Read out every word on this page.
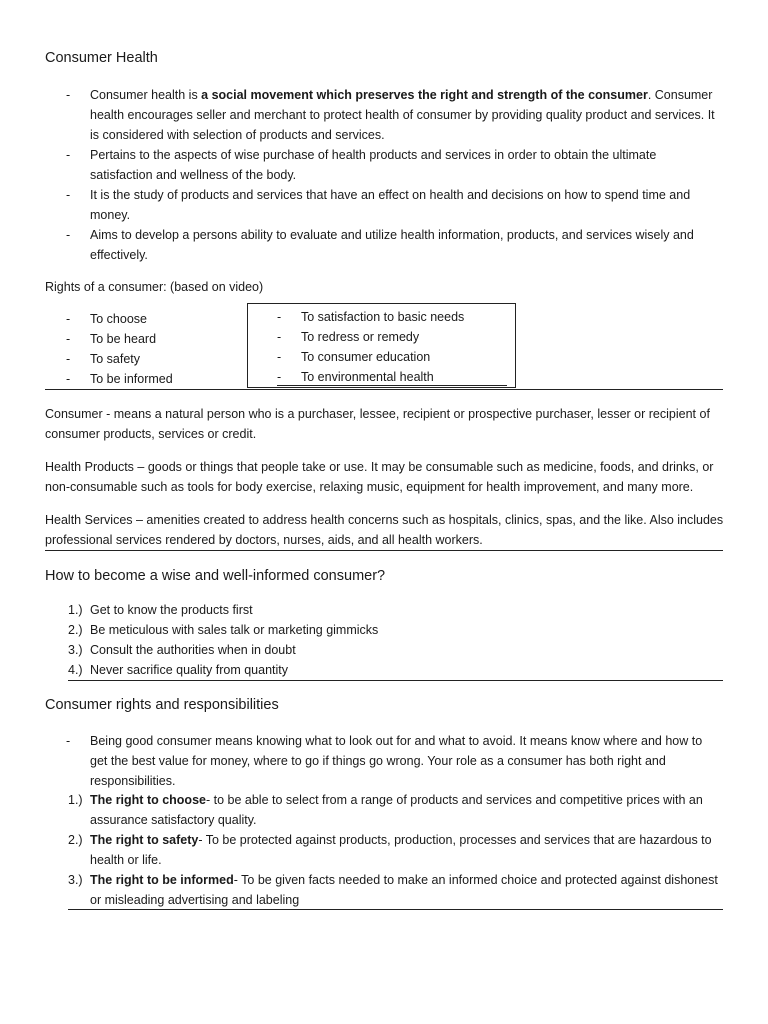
Consumer Health
- Consumer health is a social movement which preserves the right and strength of the consumer. Consumer health encourages seller and merchant to protect health of consumer by providing quality product and services. It is considered with selection of products and services.
- Pertains to the aspects of wise purchase of health products and services in order to obtain the ultimate satisfaction and wellness of the body.
- It is the study of products and services that have an effect on health and decisions on how to spend time and money.
- Aims to develop a persons ability to evaluate and utilize health information, products, and services wisely and effectively.
Rights of a consumer: (based on video)
- To choose
- To be heard
- To safety
- To be informed
- To satisfaction to basic needs
- To redress or remedy
- To consumer education
- To environmental health
Consumer - means a natural person who is a purchaser, lessee, recipient or prospective purchaser, lesser or recipient of consumer products, services or credit.
Health Products – goods or things that people take or use. It may be consumable such as medicine, foods, and drinks, or non-consumable such as tools for body exercise, relaxing music, equipment for health improvement, and many more.
Health Services – amenities created to address health concerns such as hospitals, clinics, spas, and the like. Also includes professional services rendered by doctors, nurses, aids, and all health workers.
How to become a wise and well-informed consumer?
1.) Get to know the products first
2.) Be meticulous with sales talk or marketing gimmicks
3.) Consult the authorities when in doubt
4.) Never sacrifice quality from quantity
Consumer rights and responsibilities
- Being good consumer means knowing what to look out for and what to avoid. It means know where and how to get the best value for money, where to go if things go wrong. Your role as a consumer has both right and responsibilities.
1.) The right to choose- to be able to select from a range of products and services and competitive prices with an assurance satisfactory quality.
2.) The right to safety- To be protected against products, production, processes and services that are hazardous to health or life.
3.) The right to be informed- To be given facts needed to make an informed choice and protected against dishonest or misleading advertising and labeling
